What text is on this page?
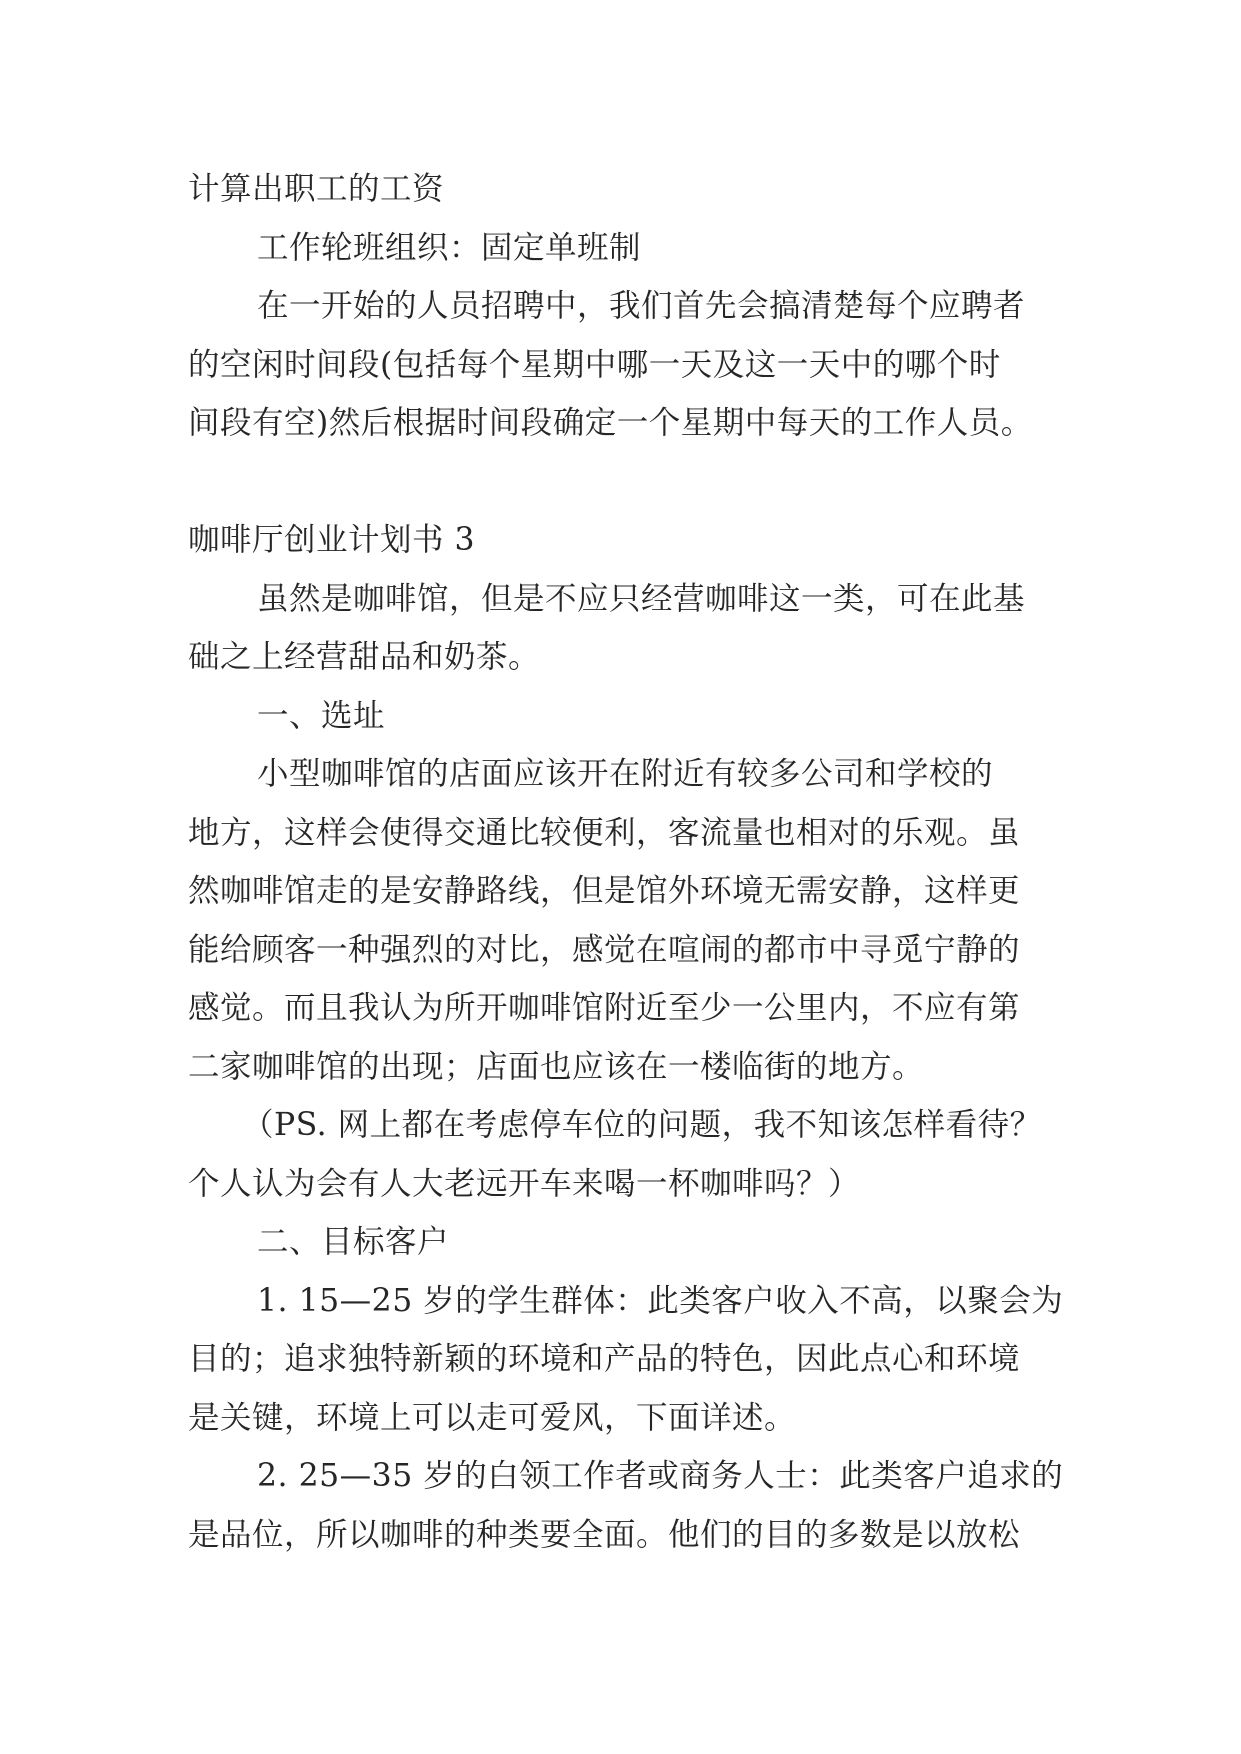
计算出职工的工资
工作轮班组织：固定单班制
在一开始的人员招聘中，我们首先会搞清楚每个应聘者
的空闲时间段(包括每个星期中哪一天及这一天中的哪个时
间段有空)然后根据时间段确定一个星期中每天的工作人员。
咖啡厅创业计划书 3
虽然是咖啡馆，但是不应只经营咖啡这一类，可在此基
础之上经营甜品和奶茶。
一、选址
小型咖啡馆的店面应该开在附近有较多公司和学校的
地方，这样会使得交通比较便利，客流量也相对的乐观。虽
然咖啡馆走的是安静路线，但是馆外环境无需安静，这样更
能给顾客一种强烈的对比，感觉在喧闹的都市中寻觅宁静的
感觉。而且我认为所开咖啡馆附近至少一公里内，不应有第
二家咖啡馆的出现；店面也应该在一楼临街的地方。
（PS. 网上都在考虑停车位的问题，我不知该怎样看待？
个人认为会有人大老远开车来喝一杯咖啡吗？）
二、目标客户
1. 15—25 岁的学生群体：此类客户收入不高，以聚会为
目的；追求独特新颖的环境和产品的特色，因此点心和环境
是关键，环境上可以走可爱风，下面详述。
2. 25—35 岁的白领工作者或商务人士：此类客户追求的
是品位，所以咖啡的种类要全面。他们的目的多数是以放松
